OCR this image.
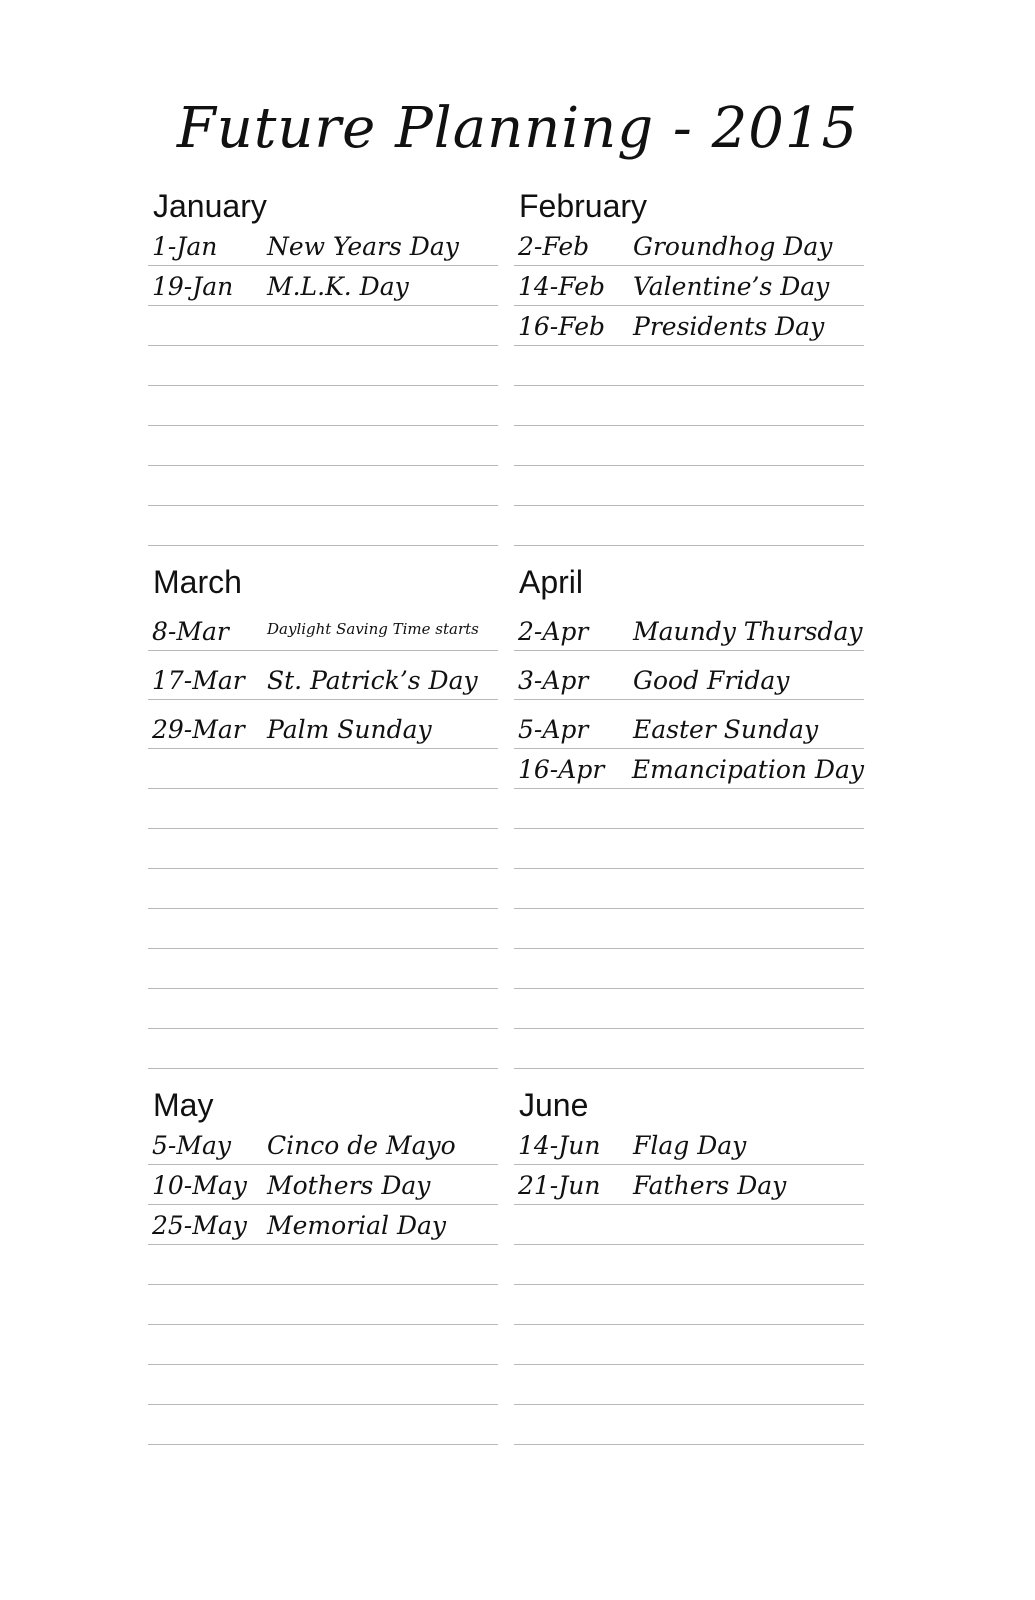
Future Planning - 2015
January
1-Jan	New Years Day
19-Jan	M.L.K. Day
February
2-Feb	Groundhog Day
14-Feb	Valentine’s Day
16-Feb	Presidents Day
March
8-Mar	Daylight Saving Time starts
17-Mar St. Patrick’s Day
29-Mar Palm Sunday
April
2-Apr	Maundy Thursday
3-Apr	Good Friday
5-Apr	Easter Sunday
16-Apr	Emancipation Day
May
5-May	Cinco de Mayo
10-May Mothers Day
25-May Memorial Day
June
14-Jun	Flag Day
21-Jun	Fathers Day
